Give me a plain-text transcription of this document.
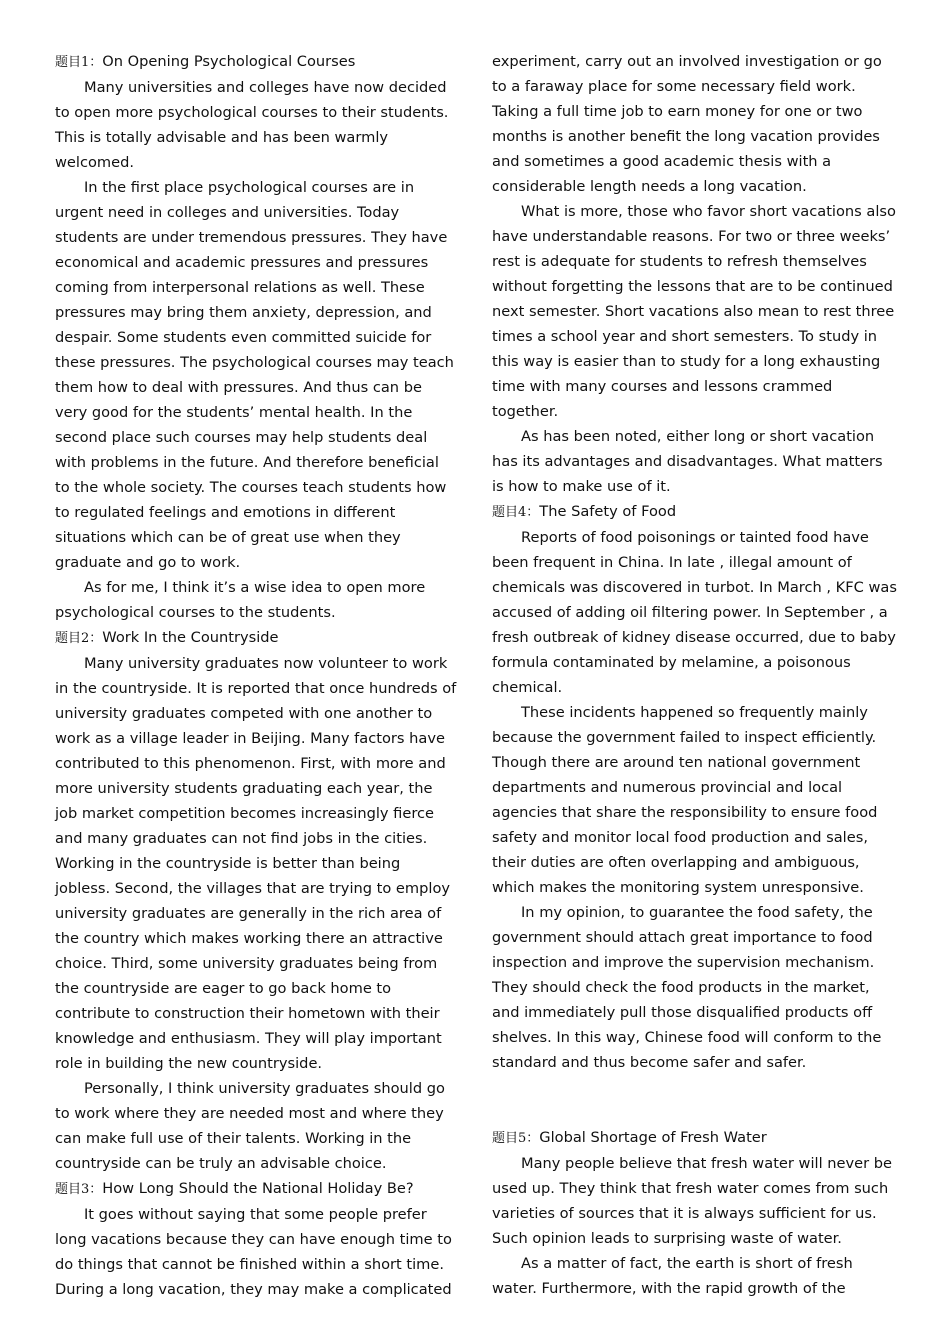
题目1：On Opening Psychological Courses

Many universities and colleges have now decided to open more psychological courses to their students. This is totally advisable and has been warmly welcomed.

In the first place psychological courses are in urgent need in colleges and universities. Today students are under tremendous pressures. They have economical and academic pressures and pressures coming from interpersonal relations as well. These pressures may bring them anxiety, depression, and despair. Some students even committed suicide for these pressures. The psychological courses may teach them how to deal with pressures. And thus can be very good for the students’ mental health. In the second place such courses may help students deal with problems in the future. And therefore beneficial to the whole society. The courses teach students how to regulated feelings and emotions in different situations which can be of great use when they graduate and go to work.

As for me, I think it’s a wise idea to open more psychological courses to the students.

题目2：Work In the Countryside

Many university graduates now volunteer to work in the countryside. It is reported that once hundreds of university graduates competed with one another to work as a village leader in Beijing. Many factors have contributed to this phenomenon. First, with more and more university students graduating each year, the job market competition becomes increasingly fierce and many graduates can not find jobs in the cities. Working in the countryside is better than being jobless. Second, the villages that are trying to employ university graduates are generally in the rich area of the country which makes working there an attractive choice. Third, some university graduates being from the countryside are eager to go back home to contribute to construction their hometown with their knowledge and enthusiasm. They will play important role in building the new countryside.

Personally, I think university graduates should go to work where they are needed most and where they can make full use of their talents. Working in the countryside can be truly an advisable choice.

题目3：How Long Should the National Holiday Be?

It goes without saying that some people prefer long vacations because they can have enough time to do things that cannot be finished within a short time. During a long vacation, they may make a complicated

experiment, carry out an involved investigation or go to a faraway place for some necessary field work. Taking a full time job to earn money for one or two months is another benefit the long vacation provides and sometimes a good academic thesis with a considerable length needs a long vacation.

What is more, those who favor short vacations also have understandable reasons. For two or three weeks’ rest is adequate for students to refresh themselves without forgetting the lessons that are to be continued next semester. Short vacations also mean to rest three times a school year and short semesters. To study in this way is easier than to study for a long exhausting time with many courses and lessons crammed together.

As has been noted, either long or short vacation has its advantages and disadvantages. What matters is how to make use of it.

题目4：The Safety of Food

Reports of food poisonings or tainted food have been frequent in China. In late , illegal amount of chemicals was discovered in turbot. In March , KFC was accused of adding oil filtering power. In September , a fresh outbreak of kidney disease occurred, due to baby formula contaminated by melamine, a poisonous chemical.

These incidents happened so frequently mainly because the government failed to inspect efficiently. Though there are around ten national government departments and numerous provincial and local agencies that share the responsibility to ensure food safety and monitor local food production and sales, their duties are often overlapping and ambiguous, which makes the monitoring system unresponsive.

In my opinion, to guarantee the food safety, the government should attach great importance to food inspection and improve the supervision mechanism. They should check the food products in the market, and immediately pull those disqualified products off shelves. In this way, Chinese food will conform to the standard and thus become safer and safer.

题目5：Global Shortage of Fresh Water

Many people believe that fresh water will never be used up. They think that fresh water comes from such varieties of sources that it is always sufficient for us. Such opinion leads to surprising waste of water.

As a matter of fact, the earth is short of fresh water. Furthermore, with the rapid growth of the
